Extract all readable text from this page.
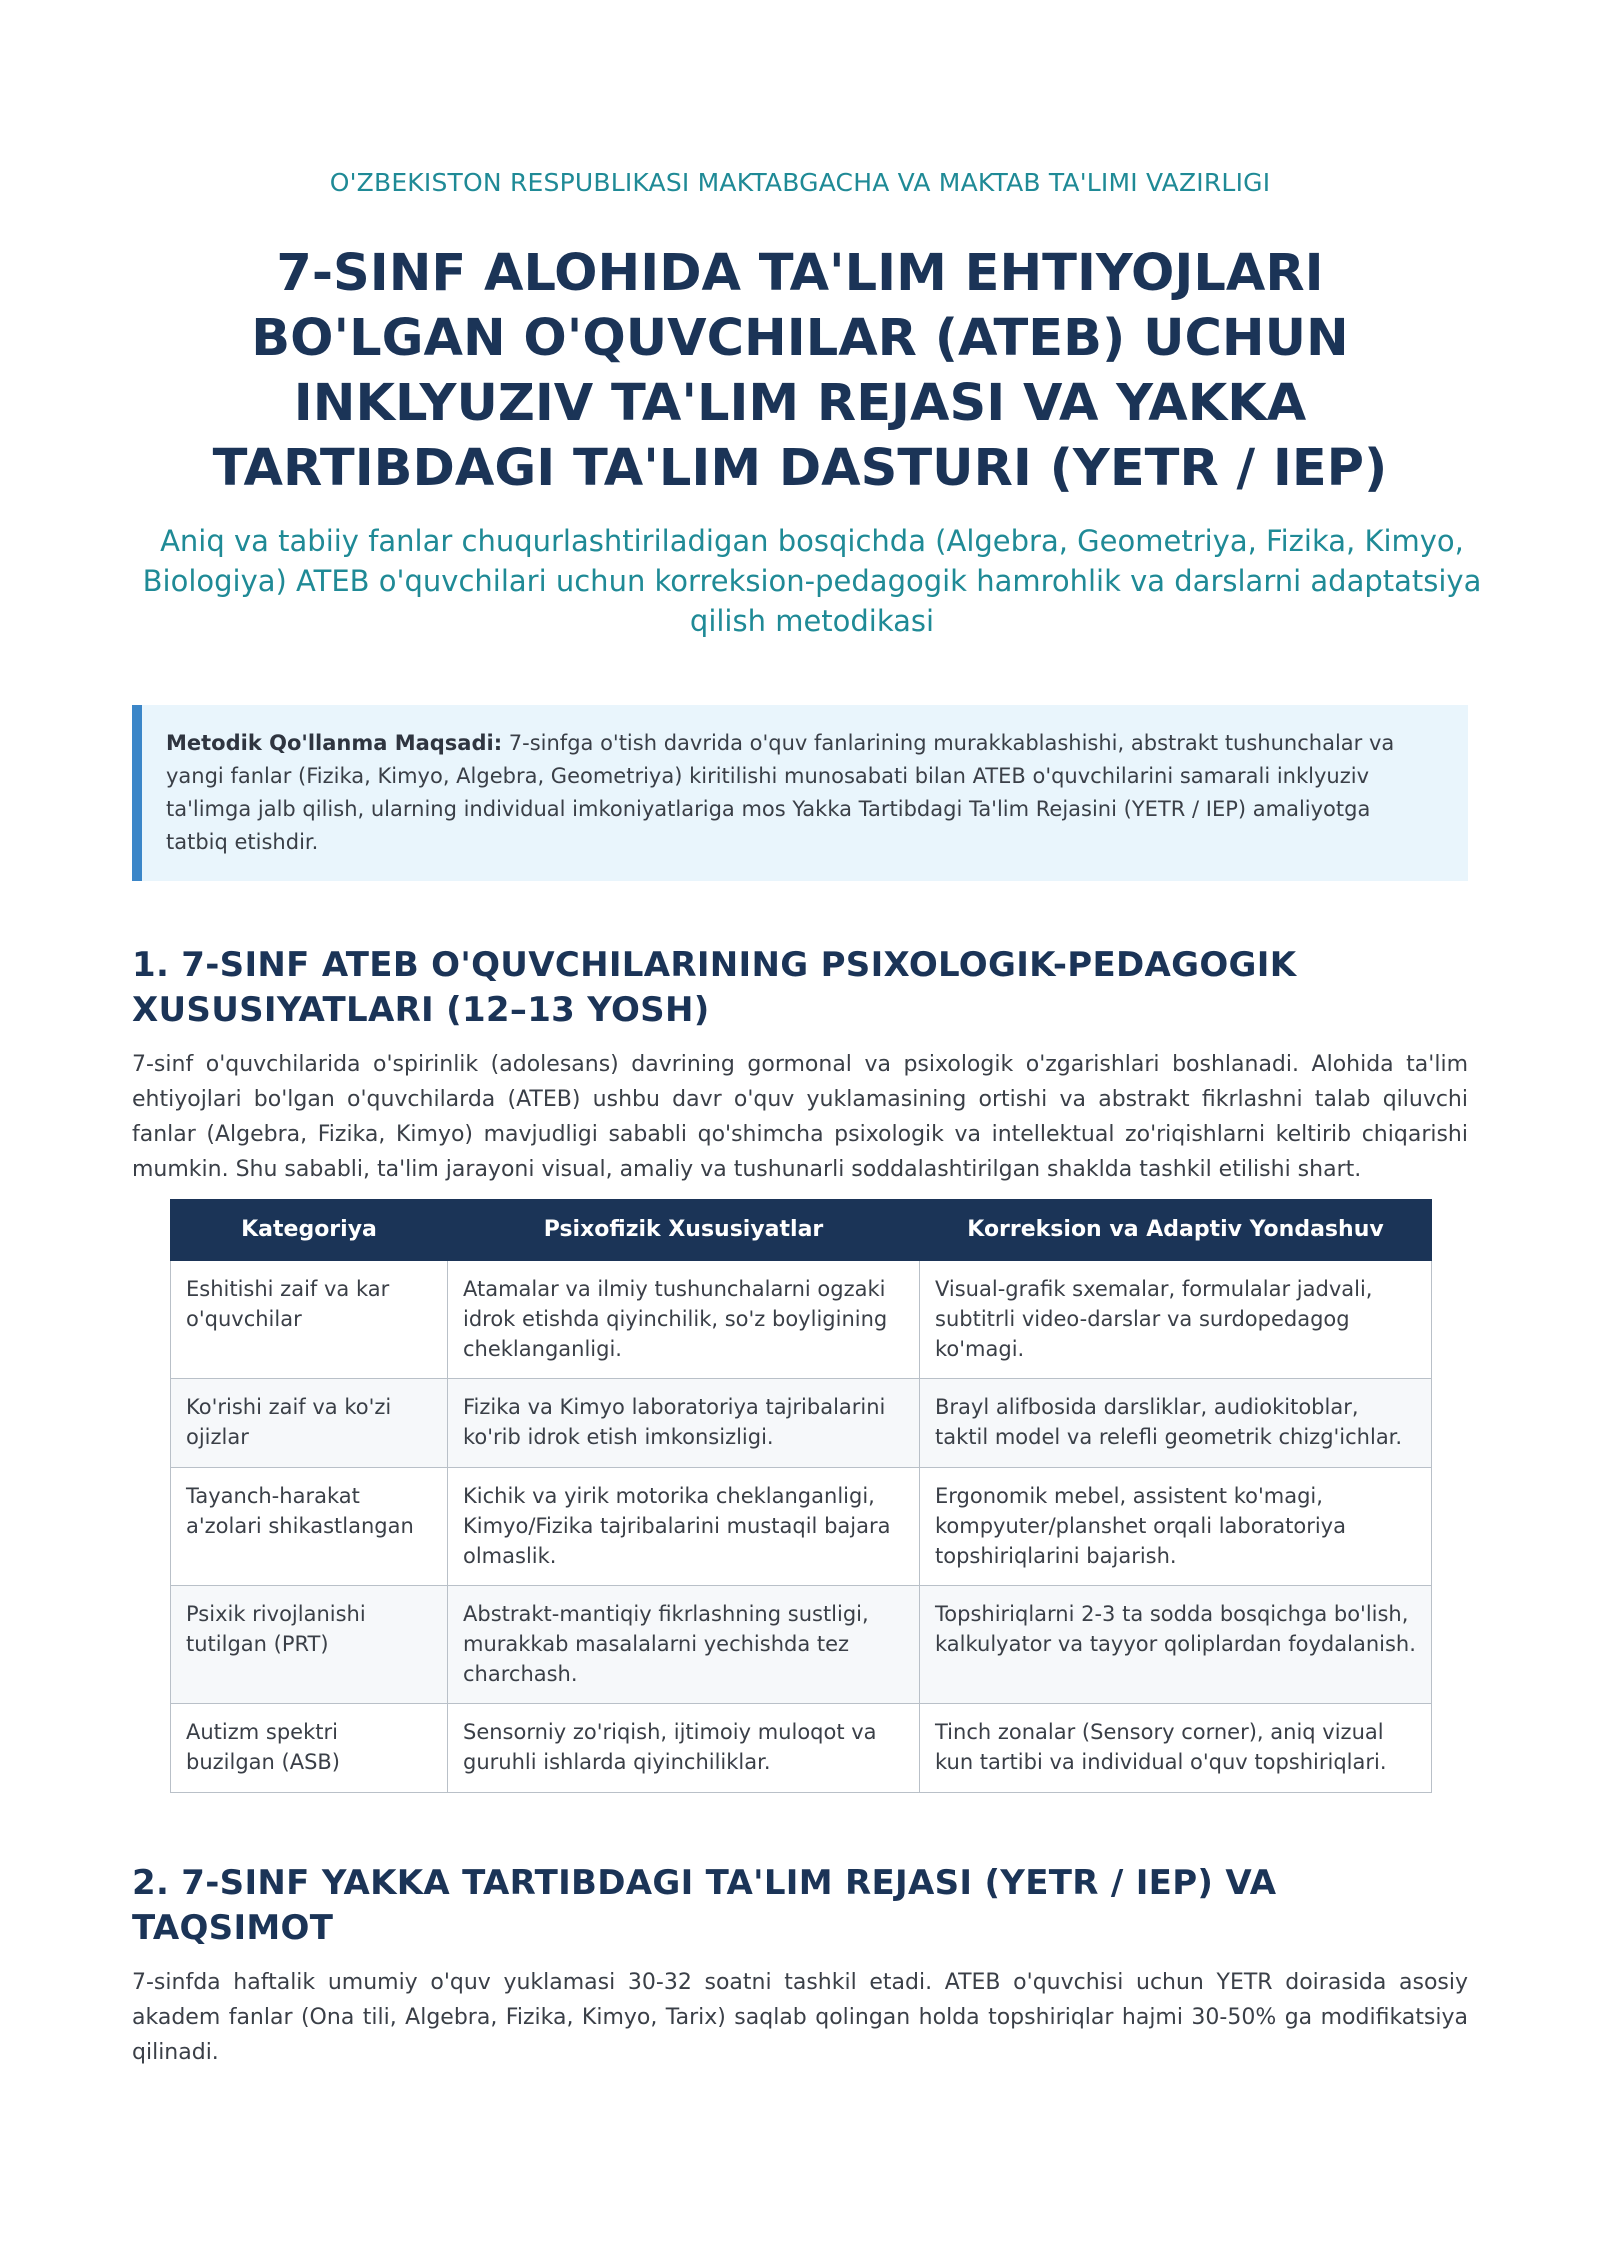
O'ZBEKISTON RESPUBLIKASI MAKTABGACHA VA MAKTAB TA'LIMI VAZIRLIGI
7-SINF ALOHIDA TA'LIM EHTIYOJLARI BO'LGAN O'QUVCHILAR (ATEB) UCHUN INKLYUZIV TA'LIM REJASI VA YAKKA TARTIBDAGI TA'LIM DASTURI (YETR / IEP)
Aniq va tabiiy fanlar chuqurlashtiriladigan bosqichda (Algebra, Geometriya, Fizika, Kimyo, Biologiya) ATEB o'quvchilari uchun korreksion-pedagogik hamrohlik va darslarni adaptatsiya qilish metodikasi
Metodik Qo'llanma Maqsadi: 7-sinfga o'tish davrida o'quv fanlarining murakkablashishi, abstrakt tushunchalar va yangi fanlar (Fizika, Kimyo, Algebra, Geometriya) kiritilishi munosabati bilan ATEB o'quvchilarini samarali inklyuziv ta'limga jalb qilish, ularning individual imkoniyatlariga mos Yakka Tartibdagi Ta'lim Rejasini (YETR / IEP) amaliyotga tatbiq etishdir.
1. 7-SINF ATEB O'QUVCHILARINING PSIXOLOGIK-PEDAGOGIK XUSUSIYATLARI (12–13 YOSH)

7-sinf o'quvchilarida o'spirinlik (adolesans) davrining gormonal va psixologik o'zgarishlari boshlanadi. Alohida ta'lim ehtiyojlari bo'lgan o'quvchilarda (ATEB) ushbu davr o'quv yuklamasining ortishi va abstrakt fikrlashni talab qiluvchi fanlar (Algebra, Fizika, Kimyo) mavjudligi sababli qo'shimcha psixologik va intellektual zo'riqishlarni keltirib chiqarishi mumkin. Shu sababli, ta'lim jarayoni visual, amaliy va tushunarli soddalashtirilgan shaklda tashkil etilishi shart.

Kategoriya	Psixofizik Xususiyatlar	Korreksion va Adaptiv Yondashuv
Eshitishi zaif va kar o'quvchilar	Atamalar va ilmiy tushunchalarni ogzaki idrok etishda qiyinchilik, so'z boyligining cheklanganligi.	Visual-grafik sxemalar, formulalar jadvali, subtitrli video-darslar va surdopedagog ko'magi.
Ko'rishi zaif va ko'zi ojizlar	Fizika va Kimyo laboratoriya tajribalarini ko'rib idrok etish imkonsizligi.	Brayl alifbosida darsliklar, audiokitoblar, taktil model va relefli geometrik chizg'ichlar.
Tayanch-harakat a'zolari shikastlangan	Kichik va yirik motorika cheklanganligi, Kimyo/Fizika tajribalarini mustaqil bajara olmaslik.	Ergonomik mebel, assistent ko'magi, kompyuter/planshet orqali laboratoriya topshiriqlarini bajarish.
Psixik rivojlanishi tutilgan (PRT)	Abstrakt-mantiqiy fikrlashning sustligi, murakkab masalalarni yechishda tez charchash.	Topshiriqlarni 2-3 ta sodda bosqichga bo'lish, kalkulyator va tayyor qoliplardan foydalanish.
Autizm spektri buzilgan (ASB)	Sensorniy zo'riqish, ijtimoiy muloqot va guruhli ishlarda qiyinchiliklar.	Tinch zonalar (Sensory corner), aniq vizual kun tartibi va individual o'quv topshiriqlari.
2. 7-SINF YAKKA TARTIBDAGI TA'LIM REJASI (YETR / IEP) VA TAQSIMOT

7-sinfda haftalik umumiy o'quv yuklamasi 30-32 soatni tashkil etadi. ATEB o'quvchisi uchun YETR doirasida asosiy akadem fanlar (Ona tili, Algebra, Fizika, Kimyo, Tarix) saqlab qolingan holda topshiriqlar hajmi 30-50% ga modifikatsiya qilinadi.
